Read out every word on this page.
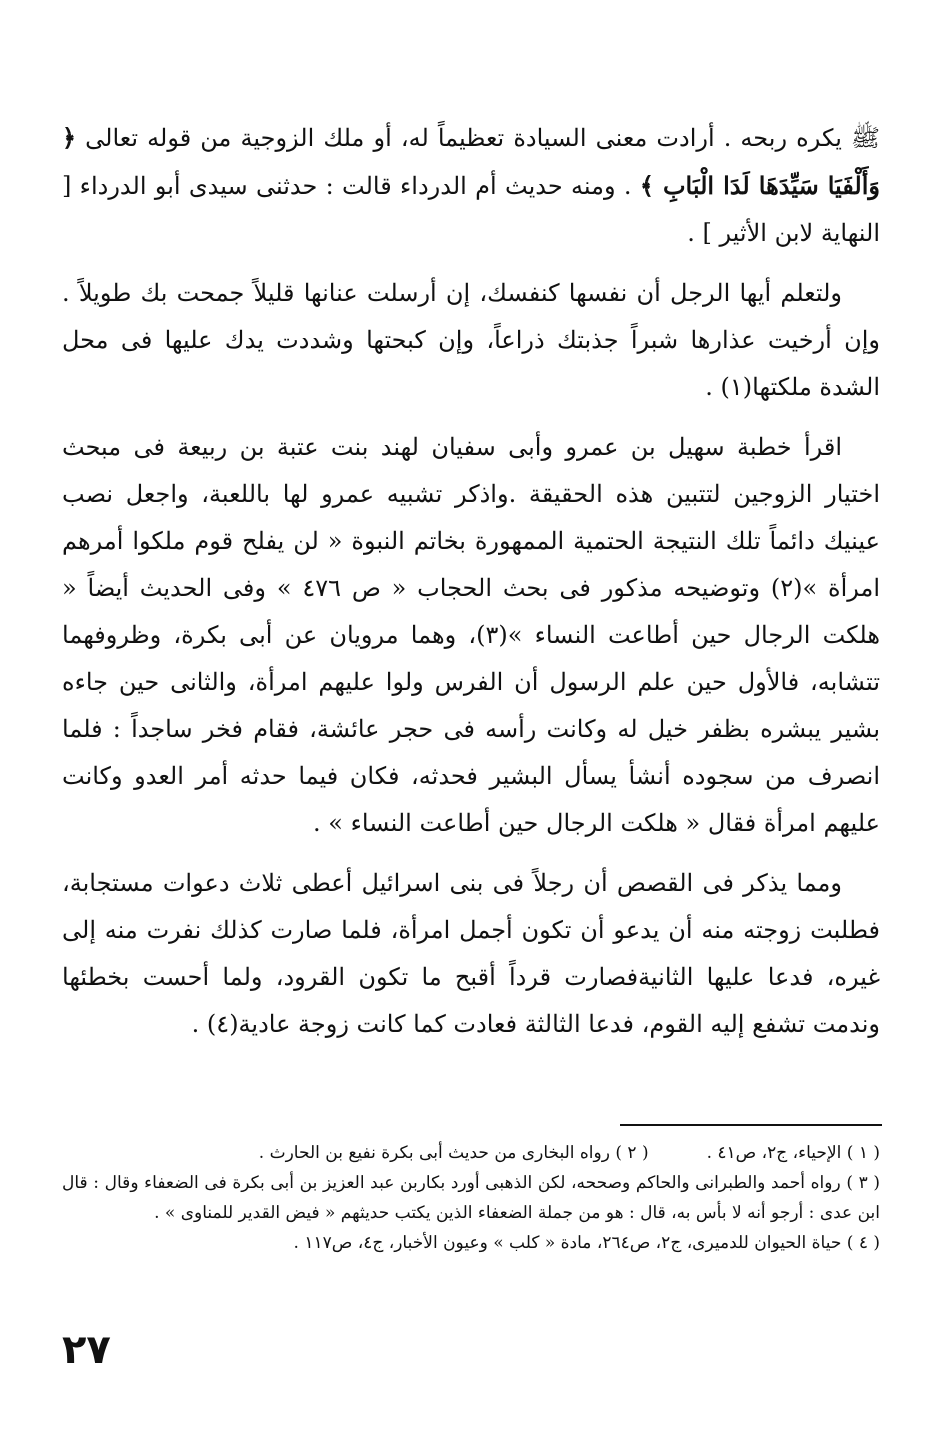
ﷺ يكره ربحه . أرادت معنى السيادة تعظيماً له، أو ملك الزوجية من قوله تعالى ﴿ وَأَلْفَيَا سَيِّدَهَا لَدَا الْبَابِ ﴾ . ومنه حديث أم الدرداء قالت : حدثنى سيدى أبو الدرداء [ النهاية لابن الأثير ] .

ولتعلم أيها الرجل أن نفسها كنفسك، إن أرسلت عنانها قليلاً جمحت بك طويلاً . وإن أرخيت عذارها شبراً جذبتك ذراعاً، وإن كبحتها وشددت يدك عليها فى محل الشدة ملكتها(١) .

اقرأ خطبة سهيل بن عمرو وأبى سفيان لهند بنت عتبة بن ربيعة فى مبحث اختيار الزوجين لتتبين هذه الحقيقة .واذكر تشبيه عمرو لها باللعبة، واجعل نصب عينيك دائماً تلك النتيجة الحتمية الممهورة بخاتم النبوة « لن يفلح قوم ملكوا أمرهم امرأة »(٢) وتوضيحه مذكور فى بحث الحجاب « ص ٤٧٦ » وفى الحديث أيضاً « هلكت الرجال حين أطاعت النساء »(٣)، وهما مرويان عن أبى بكرة، وظروفهما تتشابه، فالأول حين علم الرسول أن الفرس ولوا عليهم امرأة، والثانى حين جاءه بشير يبشره بظفر خيل له وكانت رأسه فى حجر عائشة، فقام فخر ساجداً : فلما انصرف من سجوده أنشأ يسأل البشير فحدثه، فكان فيما حدثه أمر العدو وكانت عليهم امرأة فقال « هلكت الرجال حين أطاعت النساء » .

ومما يذكر فى القصص أن رجلاً فى بنى اسرائيل أعطى ثلاث دعوات مستجابة، فطلبت زوجته منه أن يدعو أن تكون أجمل امرأة، فلما صارت كذلك نفرت منه إلى غيره، فدعا عليها الثانيةفصارت قرداً أقبح ما تكون القرود، ولما أحست بخطئها وندمت تشفع إليه القوم، فدعا الثالثة فعادت كما كانت زوجة عادية(٤) .

( ١ ) الإحياء، ج٢، ص٤١ .

( ٢ ) رواه البخارى من حديث أبى بكرة نفيع بن الحارث .

( ٣ ) رواه أحمد والطبرانى والحاكم وصححه، لكن الذهبى أورد بكاربن عبد العزيز بن أبى بكرة فى الضعفاء وقال : قال ابن عدى : أرجو أنه لا بأس به، قال : هو من جملة الضعفاء الذين يكتب حديثهم « فيض القدير للمناوى » .

( ٤ ) حياة الحيوان للدميرى، ج٢، ص٢٦٤، مادة « كلب » وعيون الأخبار، ج٤، ص١١٧ .

٢٧
